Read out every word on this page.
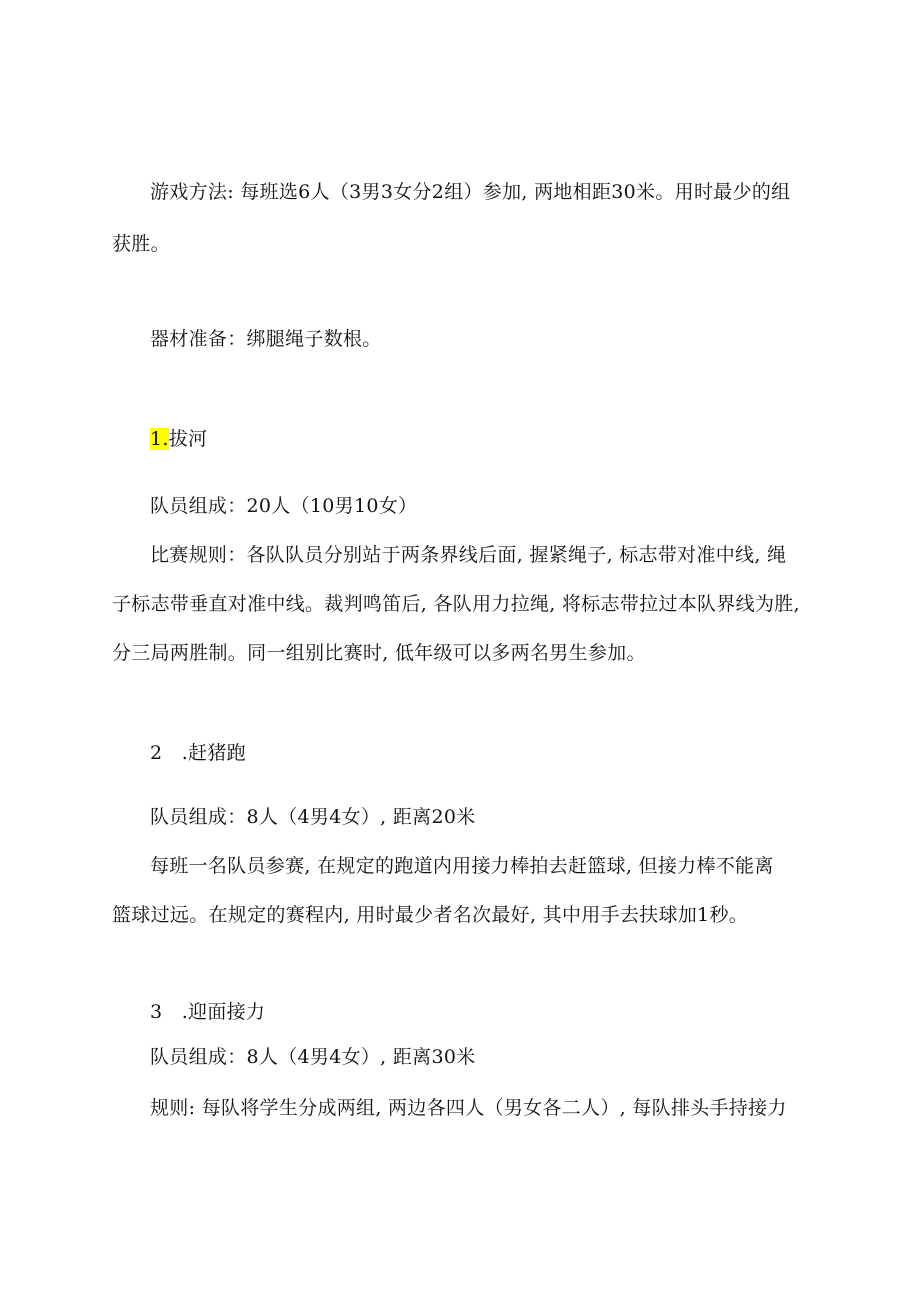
游戏方法: 每班选6人（3男3女分2组）参加, 两地相距30米。用时最少的组
获胜。
器材准备：绑腿绳子数根。
1.拔河
队员组成：20人（10男10女）
比赛规则：各队队员分别站于两条界线后面, 握紧绳子, 标志带对准中线, 绳
子标志带垂直对准中线。裁判鸣笛后, 各队用力拉绳, 将标志带拉过本队界线为胜,
分三局两胜制。同一组别比赛时, 低年级可以多两名男生参加。
2　.赶猪跑
队员组成：8人（4男4女）, 距离20米
每班一名队员参赛, 在规定的跑道内用接力棒拍去赶篮球, 但接力棒不能离
篮球过远。在规定的赛程内, 用时最少者名次最好, 其中用手去扶球加1秒。
3　.迎面接力
队员组成：8人（4男4女）, 距离30米
规则: 每队将学生分成两组, 两边各四人（男女各二人）, 每队排头手持接力
